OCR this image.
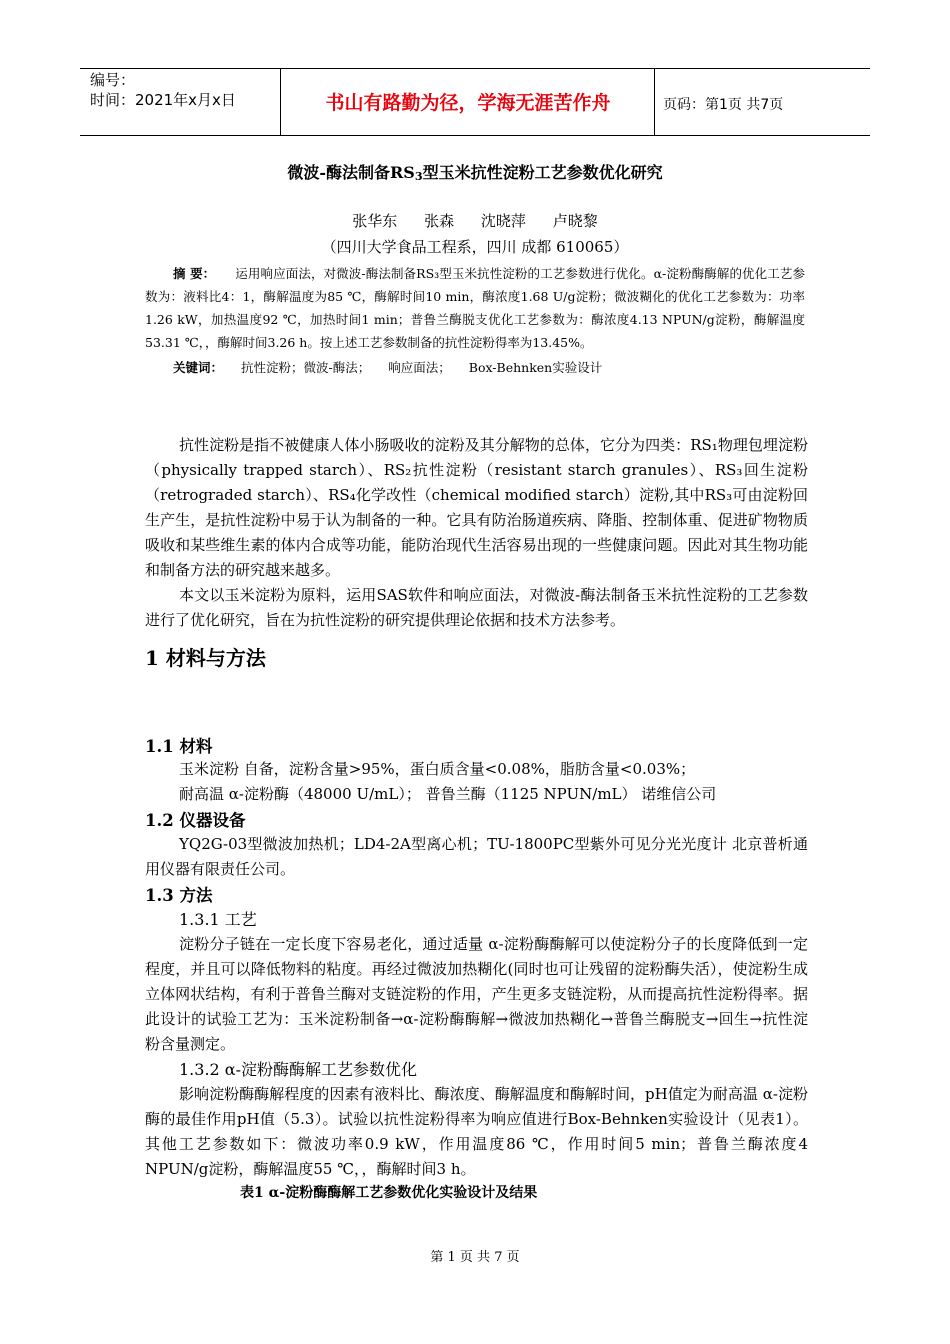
编号：
时间：2021年x月x日	书山有路勤为径，学海无涯苦作舟	页码：第1页 共7页
微波-酶法制备$RS_3$型玉米抗性淀粉工艺参数优化研究
张华东 张森 沈晓萍 卢晓黎
（四川大学食品工程系，四川 成都 610065）

摘 要： 运用响应面法，对微波-酶法制备RS₃型玉米抗性淀粉的工艺参数进行优化。α-淀粉酶酶解的优化工艺参数为：液料比4：1，酶解温度为85 ℃，酶解时间10 min，酶浓度1.68 U/g淀粉；微波糊化的优化工艺参数为：功率1.26 kW，加热温度92 ℃，加热时间1 min；普鲁兰酶脱支优化工艺参数为：酶浓度4.13 NPUN/g淀粉，酶解温度53.31 ℃，，酶解时间3.26 h。按上述工艺参数制备的抗性淀粉得率为13.45%。

关键词： 抗性淀粉；微波-酶法； 响应面法； Box-Behnken实验设计

抗性淀粉是指不被健康人体小肠吸收的淀粉及其分解物的总体，它分为四类：RS₁物理包埋淀粉（physically trapped starch）、RS₂抗性淀粉（resistant starch granules）、RS₃回生淀粉（retrograded starch）、RS₄化学改性（chemical modified starch）淀粉,其中RS₃可由淀粉回生产生，是抗性淀粉中易于认为制备的一种。它具有防治肠道疾病、降脂、控制体重、促进矿物物质吸收和某些维生素的体内合成等功能，能防治现代生活容易出现的一些健康问题。因此对其生物功能和制备方法的研究越来越多。

本文以玉米淀粉为原料，运用SAS软件和响应面法，对微波-酶法制备玉米抗性淀粉的工艺参数进行了优化研究，旨在为抗性淀粉的研究提供理论依据和技术方法参考。

1 材料与方法
1.1 材料
玉米淀粉 自备，淀粉含量>95%，蛋白质含量<0.08%，脂肪含量<0.03%；
耐高温 α-淀粉酶（48000 U/mL）； 普鲁兰酶（1125 NPUN/mL） 诺维信公司
1.2 仪器设备

YQ2G-03型微波加热机；LD4-2A型离心机；TU-1800PC型紫外可见分光光度计 北京普析通用仪器有限责任公司。

1.3 方法
1.3.1 工艺

淀粉分子链在一定长度下容易老化，通过适量 α-淀粉酶酶解可以使淀粉分子的长度降低到一定程度，并且可以降低物料的粘度。再经过微波加热糊化(同时也可让残留的淀粉酶失活），使淀粉生成立体网状结构，有利于普鲁兰酶对支链淀粉的作用，产生更多支链淀粉，从而提高抗性淀粉得率。据此设计的试验工艺为：玉米淀粉制备→α-淀粉酶酶解→微波加热糊化→普鲁兰酶脱支→回生→抗性淀粉含量测定。

1.3.2 α-淀粉酶酶解工艺参数优化

影响淀粉酶酶解程度的因素有液料比、酶浓度、酶解温度和酶解时间，pH值定为耐高温 α-淀粉酶的最佳作用pH值（5.3）。试验以抗性淀粉得率为响应值进行Box-Behnken实验设计（见表1）。其他工艺参数如下：微波功率0.9 kW，作用温度86 ℃，作用时间5 min；普鲁兰酶浓度4 NPUN/g淀粉，酶解温度55 ℃，，酶解时间3 h。

表1 α-淀粉酶酶解工艺参数优化实验设计及结果
第 1 页 共 7 页
